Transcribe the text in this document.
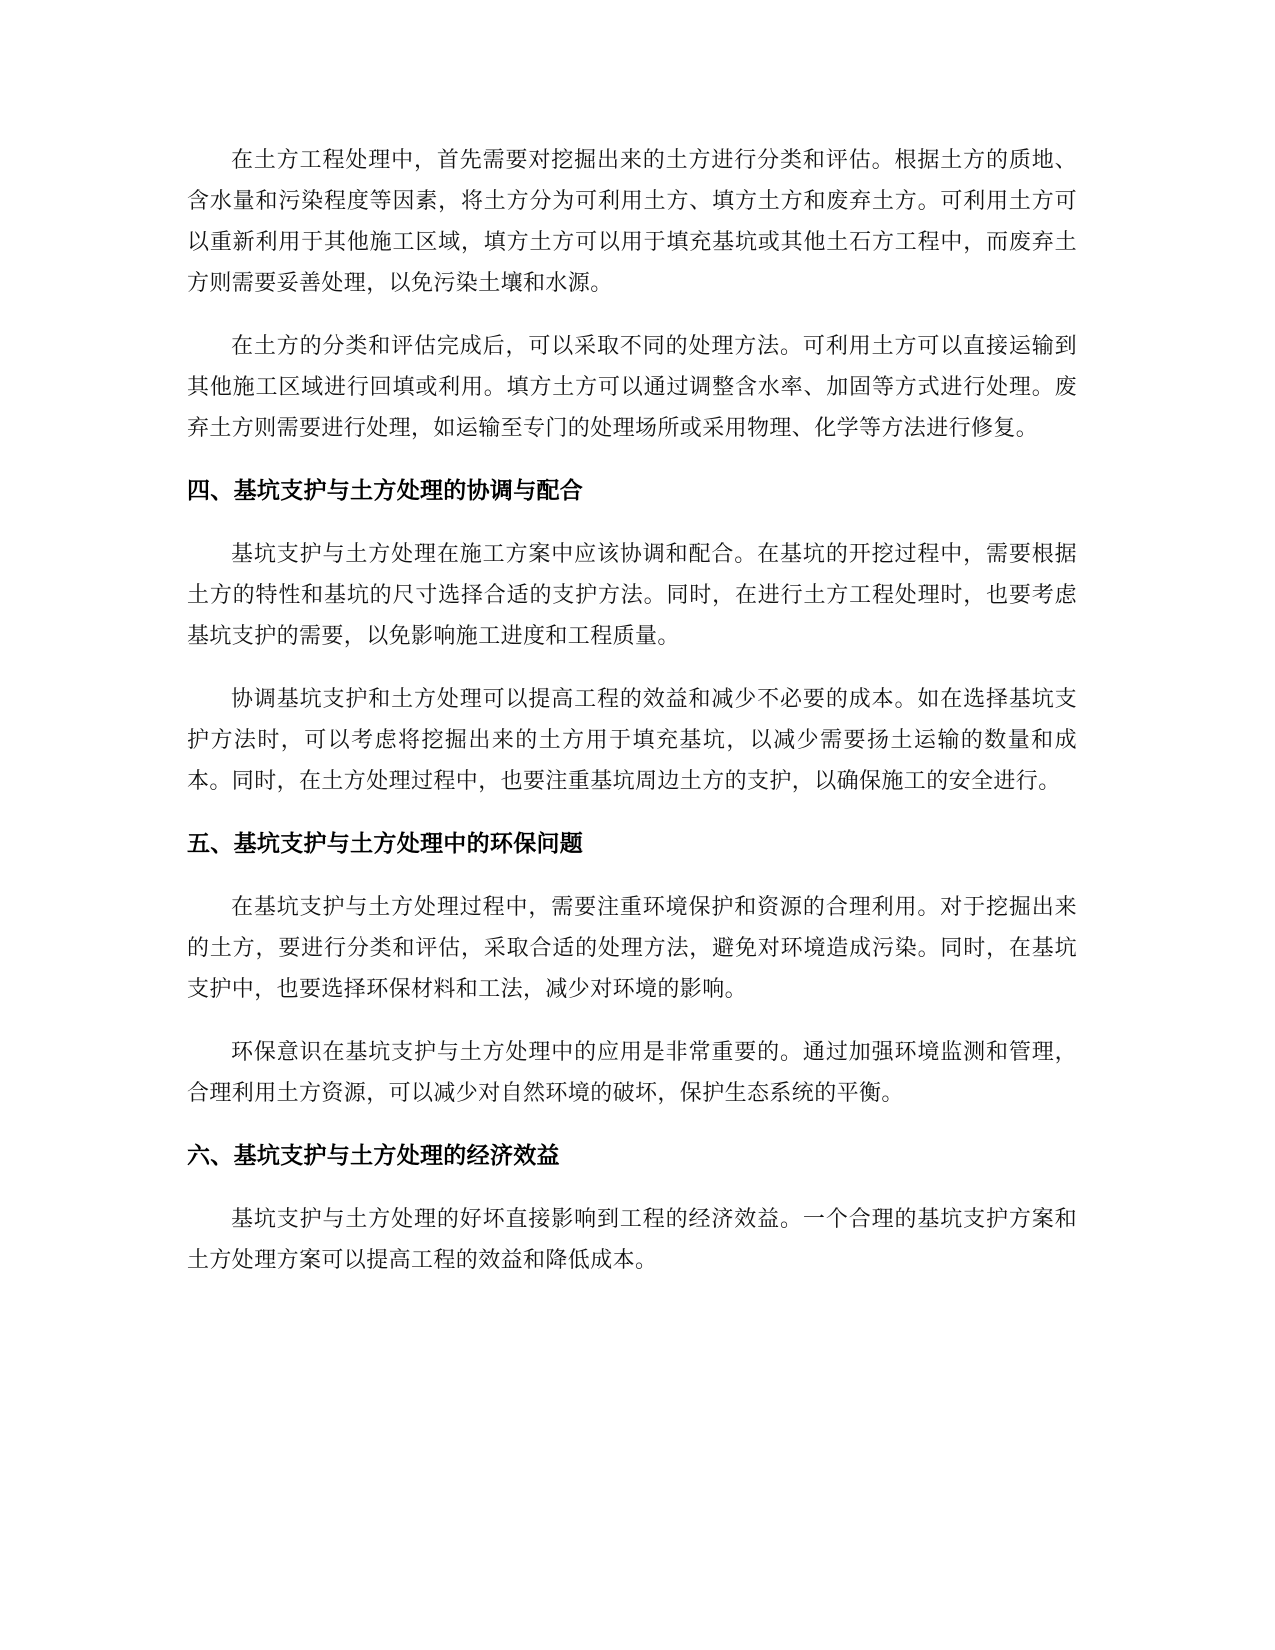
在土方工程处理中，首先需要对挖掘出来的土方进行分类和评估。根据土方的质地、含水量和污染程度等因素，将土方分为可利用土方、填方土方和废弃土方。可利用土方可以重新利用于其他施工区域，填方土方可以用于填充基坑或其他土石方工程中，而废弃土方则需要妥善处理，以免污染土壤和水源。

在土方的分类和评估完成后，可以采取不同的处理方法。可利用土方可以直接运输到其他施工区域进行回填或利用。填方土方可以通过调整含水率、加固等方式进行处理。废弃土方则需要进行处理，如运输至专门的处理场所或采用物理、化学等方法进行修复。

四、基坑支护与土方处理的协调与配合

基坑支护与土方处理在施工方案中应该协调和配合。在基坑的开挖过程中，需要根据土方的特性和基坑的尺寸选择合适的支护方法。同时，在进行土方工程处理时，也要考虑基坑支护的需要，以免影响施工进度和工程质量。

协调基坑支护和土方处理可以提高工程的效益和减少不必要的成本。如在选择基坑支护方法时，可以考虑将挖掘出来的土方用于填充基坑，以减少需要扬土运输的数量和成本。同时，在土方处理过程中，也要注重基坑周边土方的支护，以确保施工的安全进行。

五、基坑支护与土方处理中的环保问题

在基坑支护与土方处理过程中，需要注重环境保护和资源的合理利用。对于挖掘出来的土方，要进行分类和评估，采取合适的处理方法，避免对环境造成污染。同时，在基坑支护中，也要选择环保材料和工法，减少对环境的影响。

环保意识在基坑支护与土方处理中的应用是非常重要的。通过加强环境监测和管理，合理利用土方资源，可以减少对自然环境的破坏，保护生态系统的平衡。

六、基坑支护与土方处理的经济效益

基坑支护与土方处理的好坏直接影响到工程的经济效益。一个合理的基坑支护方案和土方处理方案可以提高工程的效益和降低成本。
